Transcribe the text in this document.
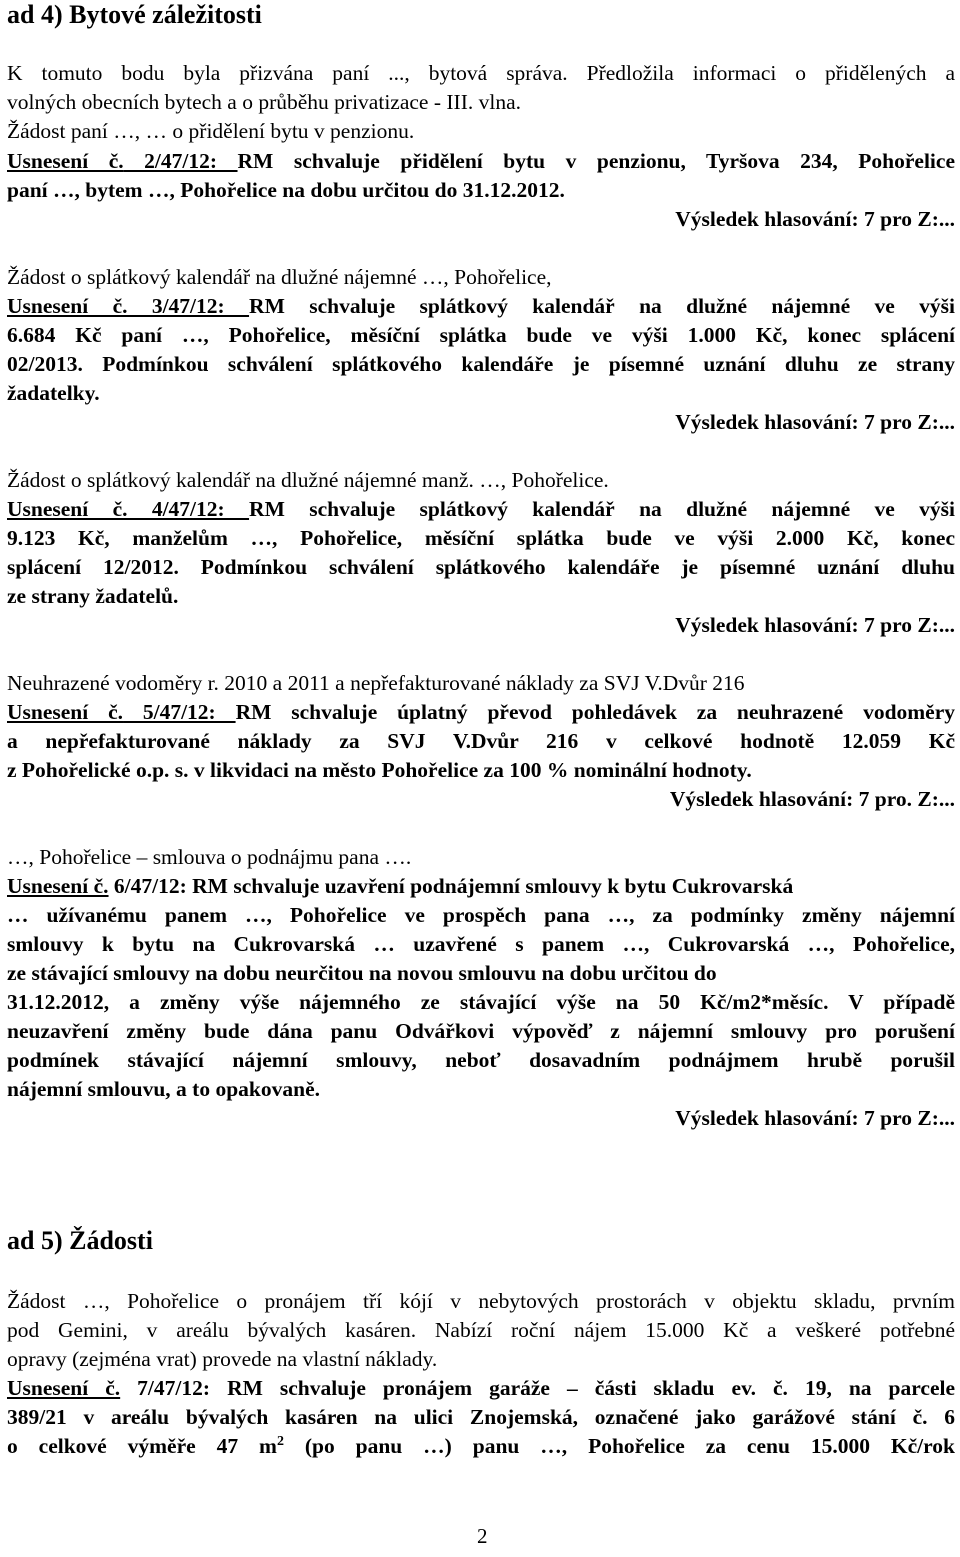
ad 4) Bytové záležitosti
K tomuto bodu byla přizvána paní ..., bytová správa. Předložila informaci o přidělených a
volných obecních bytech a o průběhu privatizace - III. vlna.
Žádost paní …, … o přidělení bytu v penzionu.
Usnesení č. 2/47/12: RM schvaluje přidělení bytu v penzionu, Tyršova 234, Pohořelice
paní …, bytem …, Pohořelice na dobu určitou do 31.12.2012.
Výsledek hlasování: 7 pro Z:...
Žádost o splátkový kalendář na dlužné nájemné …, Pohořelice,
Usnesení č. 3/47/12: RM schvaluje splátkový kalendář na dlužné nájemné ve výši
6.684 Kč paní …, Pohořelice, měsíční splátka bude ve výši 1.000 Kč, konec splácení
02/2013. Podmínkou schválení splátkového kalendáře je písemné uznání dluhu ze strany
žadatelky.
Výsledek hlasování: 7 pro Z:...
Žádost o splátkový kalendář na dlužné nájemné manž. …, Pohořelice.
Usnesení č. 4/47/12: RM schvaluje splátkový kalendář na dlužné nájemné ve výši
9.123 Kč, manželům …, Pohořelice, měsíční splátka bude ve výši 2.000 Kč, konec
splácení 12/2012. Podmínkou schválení splátkového kalendáře je písemné uznání dluhu
ze strany žadatelů.
Výsledek hlasování: 7 pro Z:...
Neuhrazené vodoměry r. 2010 a 2011 a nepřefakturované náklady za SVJ V.Dvůr 216
Usnesení č. 5/47/12: RM schvaluje úplatný převod pohledávek za neuhrazené vodoměry
a nepřefakturované náklady za SVJ V.Dvůr 216 v celkové hodnotě 12.059 Kč
z Pohořelické o.p. s. v likvidaci na město Pohořelice za 100 % nominální hodnoty.
Výsledek hlasování: 7 pro. Z:...
…, Pohořelice – smlouva o podnájmu pana ….
Usnesení č. 6/47/12: RM schvaluje uzavření podnájemní smlouvy k bytu Cukrovarská
… užívanému panem …, Pohořelice ve prospěch pana …, za podmínky změny nájemní
smlouvy k bytu na Cukrovarská … uzavřené s panem …, Cukrovarská …, Pohořelice,
ze stávající smlouvy na dobu neurčitou na novou smlouvu na dobu určitou do
31.12.2012, a změny výše nájemného ze stávající výše na 50 Kč/m2*měsíc. V případě
neuzavření změny bude dána panu Odvářkovi výpověď z nájemní smlouvy pro porušení
podmínek stávající nájemní smlouvy, neboť dosavadním podnájmem hrubě porušil
nájemní smlouvu, a to opakovaně.
Výsledek hlasování: 7 pro Z:...
ad 5) Žádosti
Žádost …, Pohořelice o pronájem tří kójí v nebytových prostorách v objektu skladu, prvním
pod Gemini, v areálu bývalých kasáren. Nabízí roční nájem 15.000 Kč a veškeré potřebné
opravy (zejména vrat) provede na vlastní náklady.
Usnesení č. 7/47/12: RM schvaluje pronájem garáže – části skladu ev. č. 19, na parcele
389/21 v areálu bývalých kasáren na ulici Znojemská, označené jako garážové stání č. 6
o celkové výměře 47 $m^2$ (po panu …) panu …, Pohořelice za cenu 15.000 Kč/rok
2
